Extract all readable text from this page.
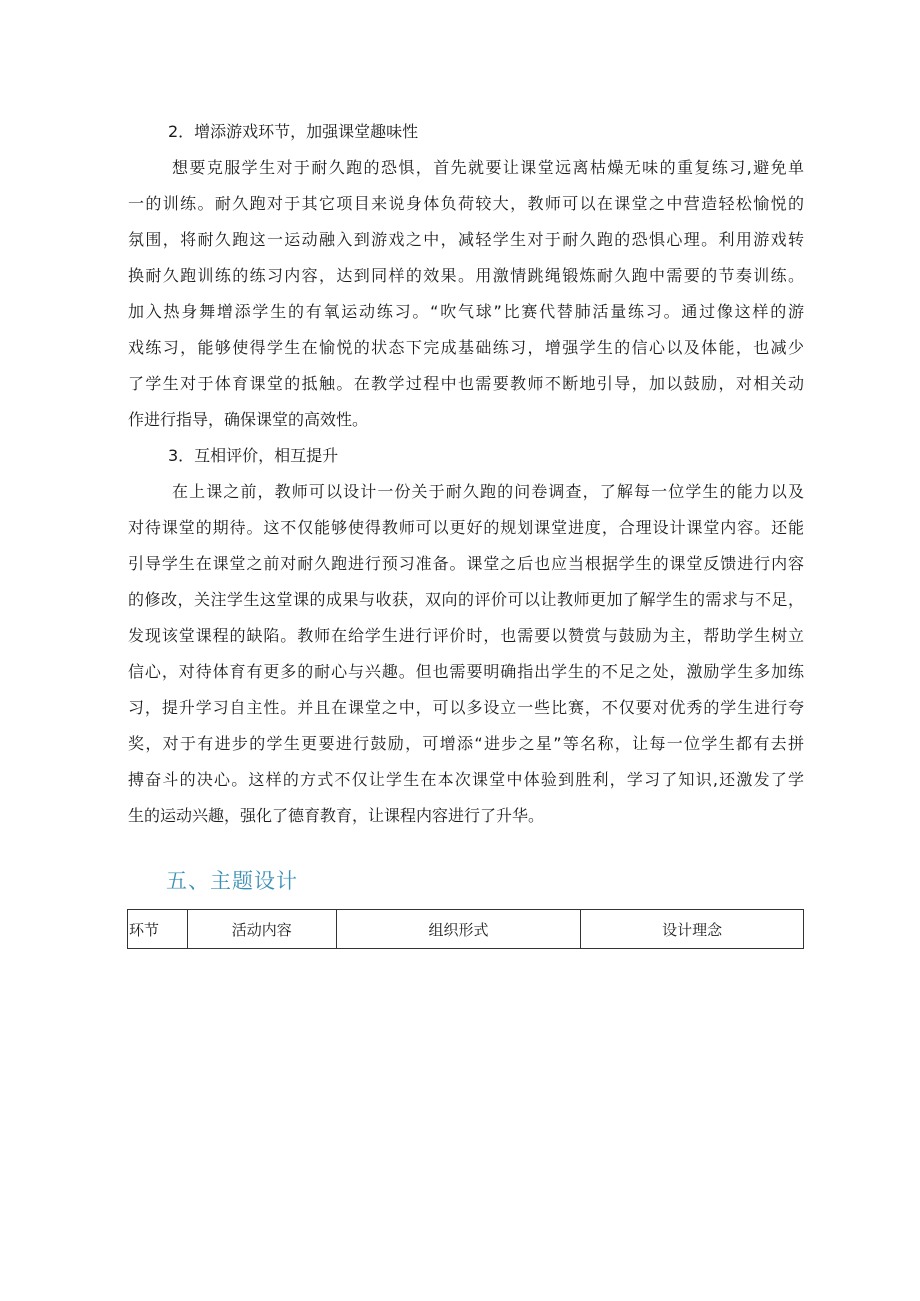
2．增添游戏环节，加强课堂趣味性
想要克服学生对于耐久跑的恐惧，首先就要让课堂远离枯燥无味的重复练习,避免单
一的训练。耐久跑对于其它项目来说身体负荷较大，教师可以在课堂之中营造轻松愉悦的
氛围，将耐久跑这一运动融入到游戏之中，减轻学生对于耐久跑的恐惧心理。利用游戏转
换耐久跑训练的练习内容，达到同样的效果。用激情跳绳锻炼耐久跑中需要的节奏训练。
加入热身舞增添学生的有氧运动练习。“吹气球”比赛代替肺活量练习。通过像这样的游
戏练习，能够使得学生在愉悦的状态下完成基础练习，增强学生的信心以及体能，也减少
了学生对于体育课堂的抵触。在教学过程中也需要教师不断地引导，加以鼓励，对相关动
作进行指导，确保课堂的高效性。
3．互相评价，相互提升
在上课之前，教师可以设计一份关于耐久跑的问卷调查，了解每一位学生的能力以及
对待课堂的期待。这不仅能够使得教师可以更好的规划课堂进度，合理设计课堂内容。还能
引导学生在课堂之前对耐久跑进行预习准备。课堂之后也应当根据学生的课堂反馈进行内容
的修改，关注学生这堂课的成果与收获，双向的评价可以让教师更加了解学生的需求与不足，
发现该堂课程的缺陷。教师在给学生进行评价时，也需要以赞赏与鼓励为主，帮助学生树立
信心，对待体育有更多的耐心与兴趣。但也需要明确指出学生的不足之处，激励学生多加练
习，提升学习自主性。并且在课堂之中，可以多设立一些比赛，不仅要对优秀的学生进行夸
奖，对于有进步的学生更要进行鼓励，可增添“进步之星”等名称，让每一位学生都有去拼
搏奋斗的决心。这样的方式不仅让学生在本次课堂中体验到胜利，学习了知识,还激发了学
生的运动兴趣，强化了德育教育，让课程内容进行了升华。
五、主题设计
环节	活动内容	组织形式	设计理念
